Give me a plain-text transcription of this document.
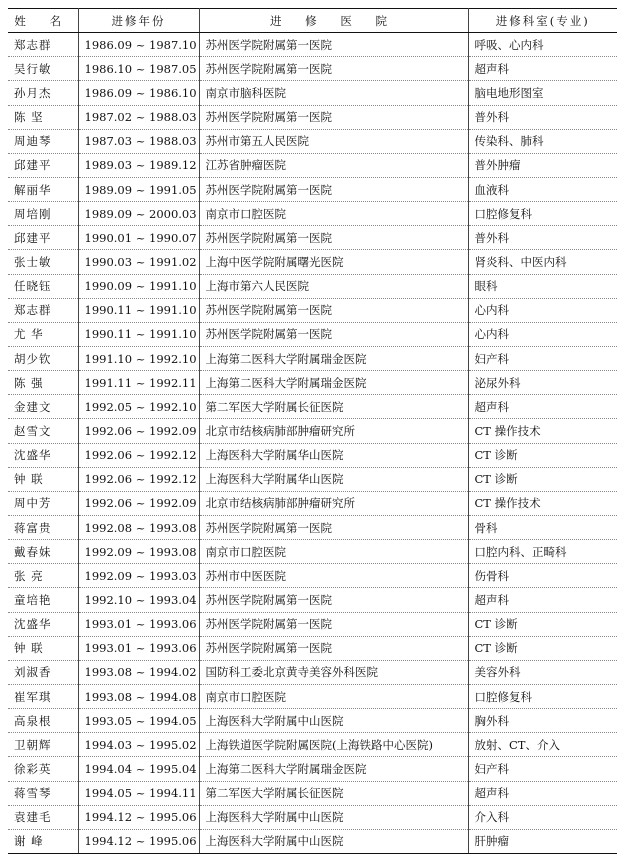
姓 名	进修年份	进 修 医 院	进修科室(专业)
郑志群	1986.09 ~ 1987.10	苏州医学院附属第一医院	呼吸、心内科
吴行敏	1986.10 ~ 1987.05	苏州医学院附属第一医院	超声科
孙月杰	1986.09 ~ 1986.10	南京市脑科医院	脑电地形图室
陈 坚	1987.02 ~ 1988.03	苏州医学院附属第一医院	普外科
周迪琴	1987.03 ~ 1988.03	苏州市第五人民医院	传染科、肺科
邱建平	1989.03 ~ 1989.12	江苏省肿瘤医院	普外肿瘤
解丽华	1989.09 ~ 1991.05	苏州医学院附属第一医院	血液科
周培刚	1989.09 ~ 2000.03	南京市口腔医院	口腔修复科
邱建平	1990.01 ~ 1990.07	苏州医学院附属第一医院	普外科
张士敏	1990.03 ~ 1991.02	上海中医学院附属曙光医院	肾炎科、中医内科
任晓钰	1990.09 ~ 1991.10	上海市第六人民医院	眼科
郑志群	1990.11 ~ 1991.10	苏州医学院附属第一医院	心内科
尤 华	1990.11 ~ 1991.10	苏州医学院附属第一医院	心内科
胡少钦	1991.10 ~ 1992.10	上海第二医科大学附属瑞金医院	妇产科
陈 强	1991.11 ~ 1992.11	上海第二医科大学附属瑞金医院	泌尿外科
金建文	1992.05 ~ 1992.10	第二军医大学附属长征医院	超声科
赵雪文	1992.06 ~ 1992.09	北京市结核病肺部肿瘤研究所	CT 操作技术
沈盛华	1992.06 ~ 1992.12	上海医科大学附属华山医院	CT 诊断
钟 联	1992.06 ~ 1992.12	上海医科大学附属华山医院	CT 诊断
周中芳	1992.06 ~ 1992.09	北京市结核病肺部肿瘤研究所	CT 操作技术
蒋富贵	1992.08 ~ 1993.08	苏州医学院附属第一医院	骨科
戴春妹	1992.09 ~ 1993.08	南京市口腔医院	口腔内科、正畸科
张 亮	1992.09 ~ 1993.03	苏州市中医医院	伤骨科
童培艳	1992.10 ~ 1993.04	苏州医学院附属第一医院	超声科
沈盛华	1993.01 ~ 1993.06	苏州医学院附属第一医院	CT 诊断
钟 联	1993.01 ~ 1993.06	苏州医学院附属第一医院	CT 诊断
刘淑香	1993.08 ~ 1994.02	国防科工委北京黄寺美容外科医院	美容外科
崔军琪	1993.08 ~ 1994.08	南京市口腔医院	口腔修复科
高泉根	1993.05 ~ 1994.05	上海医科大学附属中山医院	胸外科
卫朝辉	1994.03 ~ 1995.02	上海铁道医学院附属医院(上海铁路中心医院)	放射、CT、介入
徐彩英	1994.04 ~ 1995.04	上海第二医科大学附属瑞金医院	妇产科
蒋雪琴	1994.05 ~ 1994.11	第二军医大学附属长征医院	超声科
袁建毛	1994.12 ~ 1995.06	上海医科大学附属中山医院	介入科
谢 峰	1994.12 ~ 1995.06	上海医科大学附属中山医院	肝肿瘤
